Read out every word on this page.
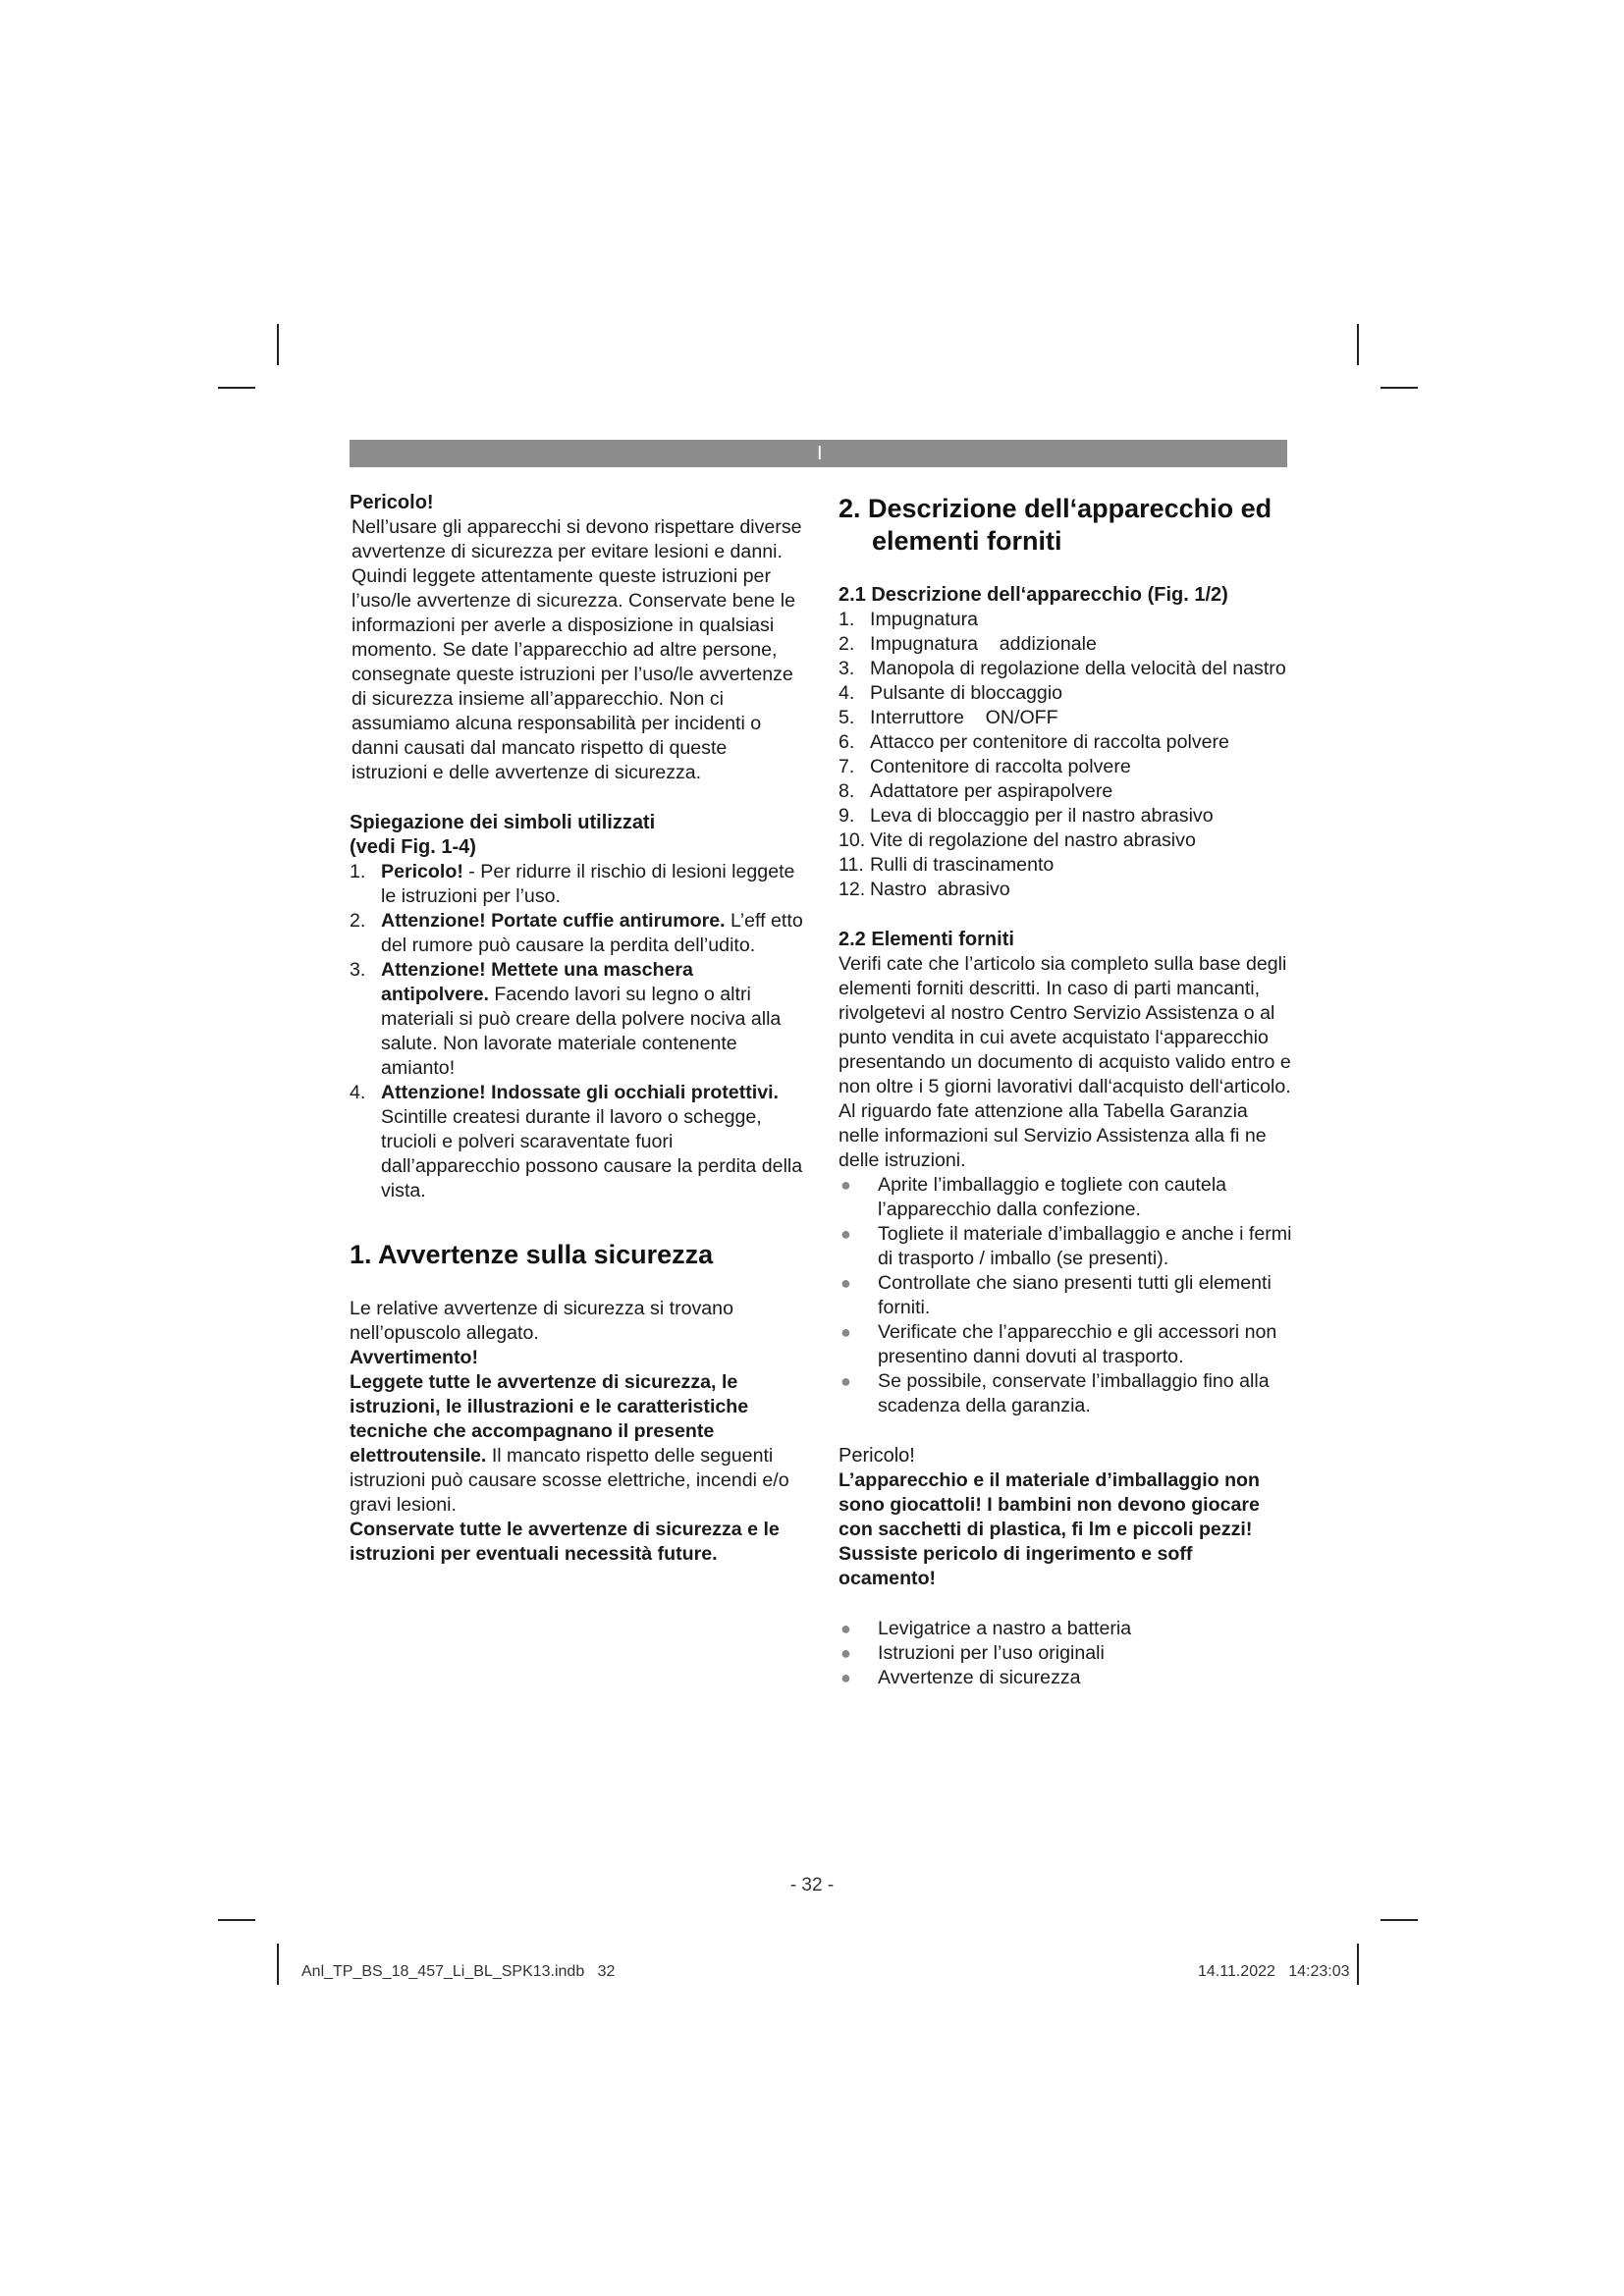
I

Pericolo!

Nell’usare gli apparecchi si devono rispettare diverse avvertenze di sicurezza per evitare lesioni e danni. Quindi leggete attentamente queste istruzioni per l’uso/le avvertenze di sicurezza. Conservate bene le informazioni per averle a disposizione in qualsiasi momento. Se date l’apparecchio ad altre persone, consegnate queste istruzioni per l’uso/le avvertenze di sicurezza insieme all’apparecchio. Non ci assumiamo alcuna responsabilità per incidenti o danni causati dal mancato rispetto di queste istruzioni e delle avvertenze di sicurezza.

Spiegazione dei simboli utilizzati

(vedi Fig. 1-4)

1. Pericolo! - Per ridurre il rischio di lesioni leggete le istruzioni per l’uso.
2. Attenzione! Portate cuffie antirumore. L’eff etto del rumore può causare la perdita dell’udito.
3. Attenzione! Mettete una maschera antipolvere. Facendo lavori su legno o altri materiali si può creare della polvere nociva alla salute. Non lavorate materiale contenente amianto!
4. Attenzione! Indossate gli occhiali protettivi. Scintille createsi durante il lavoro o schegge, trucioli e polveri scaraventate fuori dall’apparecchio possono causare la perdita della vista.

1. Avvertenze sulla sicurezza

Le relative avvertenze di sicurezza si trovano nell’opuscolo allegato.

Avvertimento!

Leggete tutte le avvertenze di sicurezza, le istruzioni, le illustrazioni e le caratteristiche tecniche che accompagnano il presente elettroutensile. Il mancato rispetto delle seguenti istruzioni può causare scosse elettriche, incendi e/o gravi lesioni.

Conservate tutte le avvertenze di sicurezza e le istruzioni per eventuali necessità future.

2. Descrizione dell‘apparecchio ed elementi forniti

2.1 Descrizione dell‘apparecchio (Fig. 1/2)

1. Impugnatura
2. Impugnatura    addizionale
3. Manopola di regolazione della velocità del nastro
4. Pulsante di bloccaggio
5. Interruttore    ON/OFF
6. Attacco per contenitore di raccolta polvere
7. Contenitore di raccolta polvere
8. Adattatore per aspirapolvere
9. Leva di bloccaggio per il nastro abrasivo
10. Vite di regolazione del nastro abrasivo
11. Rulli di trascinamento
12. Nastro  abrasivo

2.2 Elementi forniti

Verifi cate che l’articolo sia completo sulla base degli elementi forniti descritti. In caso di parti mancanti, rivolgetevi al nostro Centro Servizio Assistenza o al punto vendita in cui avete acquistato l‘apparecchio presentando un documento di acquisto valido entro e non oltre i 5 giorni lavorativi dall‘acquisto dell‘articolo. Al riguardo fate attenzione alla Tabella Garanzia nelle informazioni sul Servizio Assistenza alla fi ne delle istruzioni.

● Aprite l’imballaggio e togliete con cautela l’apparecchio dalla confezione.
● Togliete il materiale d’imballaggio e anche i fermi di trasporto / imballo (se presenti).
● Controllate che siano presenti tutti gli elementi forniti.
● Verificate che l’apparecchio e gli accessori non presentino danni dovuti al trasporto.
● Se possibile, conservate l’imballaggio fino alla scadenza della garanzia.

Pericolo!

L’apparecchio e il materiale d’imballaggio non sono giocattoli! I bambini non devono giocare con sacchetti di plastica, fi lm e piccoli pezzi! Sussiste pericolo di ingerimento e soff ocamento!

● Levigatrice a nastro a batteria
● Istruzioni per l’uso originali
● Avvertenze di sicurezza
- 32 -
Anl_TP_BS_18_457_Li_BL_SPK13.indb   32	14.11.2022   14:23:03
